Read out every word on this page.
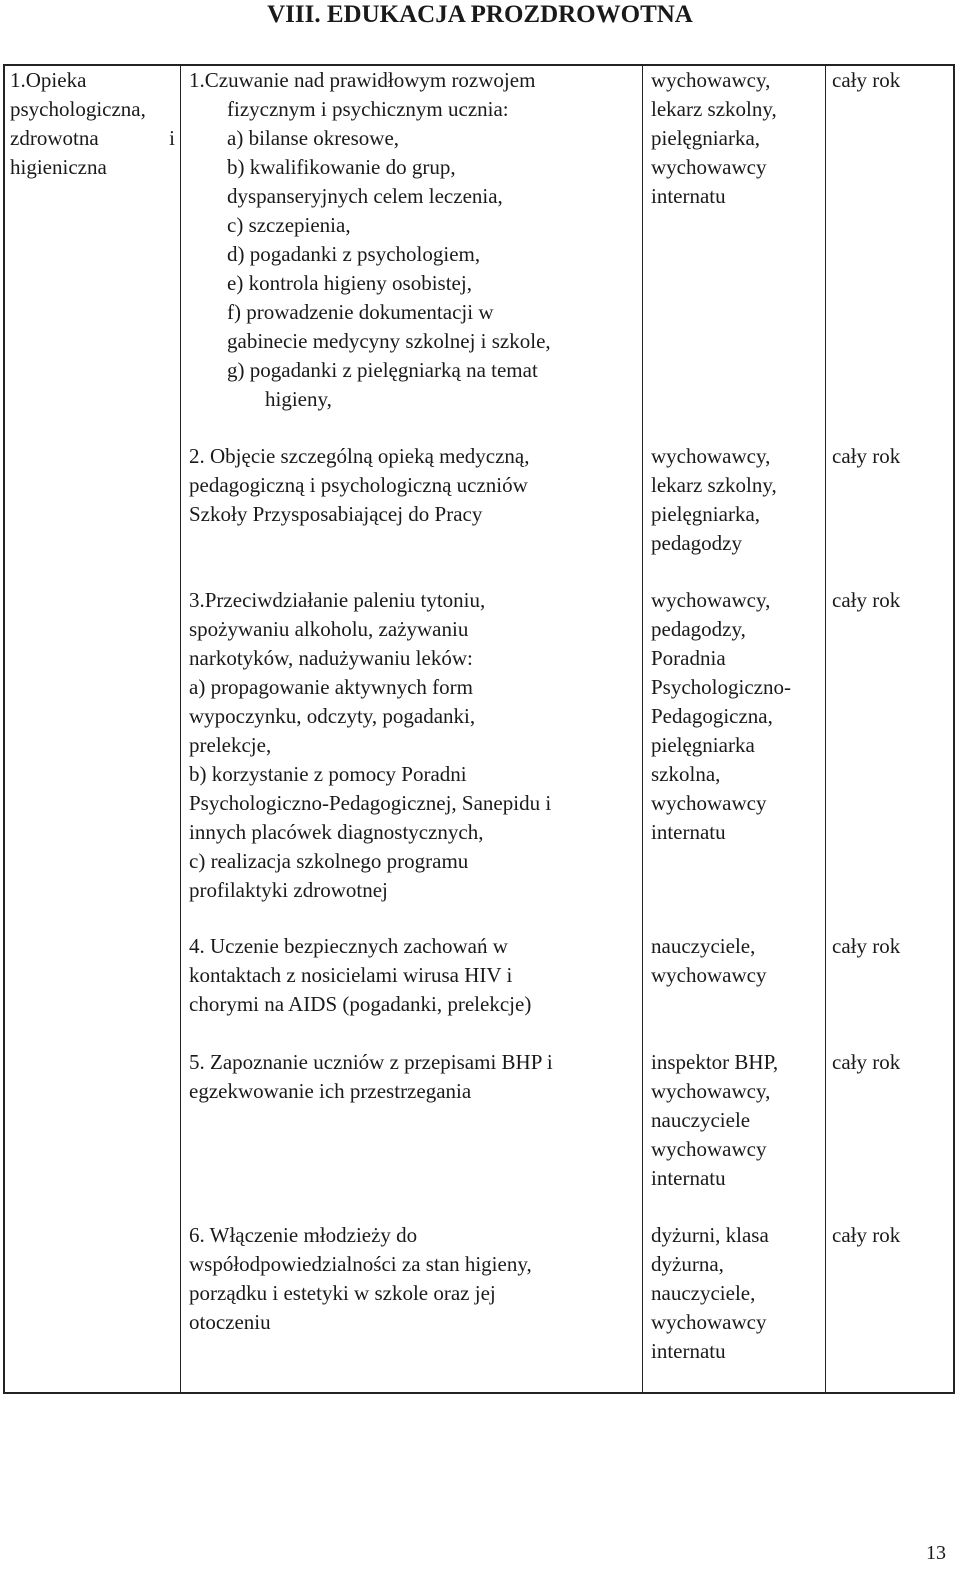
VIII. EDUKACJA PROZDROWOTNA
1.Opieka
psychologiczna,
zdrowotna	i
higieniczna
1.Czuwanie nad prawidłowym rozwojem
fizycznym i psychicznym ucznia:
a) bilanse okresowe,
b) kwalifikowanie do grup,
dyspanseryjnych celem leczenia,
c) szczepienia,
d) pogadanki z psychologiem,
e) kontrola higieny osobistej,
f) prowadzenie dokumentacji w
gabinecie medycyny szkolnej i szkole,
g) pogadanki z pielęgniarką na temat
higieny,
wychowawcy,
lekarz szkolny,
pielęgniarka,
wychowawcy
internatu
cały rok
2. Objęcie szczególną opieką medyczną,
pedagogiczną i psychologiczną uczniów
Szkoły Przysposabiającej do Pracy
wychowawcy,
lekarz szkolny,
pielęgniarka,
pedagodzy
cały rok
3.Przeciwdziałanie paleniu tytoniu,
spożywaniu alkoholu, zażywaniu
narkotyków, nadużywaniu leków:
a) propagowanie aktywnych form
wypoczynku, odczyty, pogadanki,
prelekcje,
b) korzystanie z pomocy Poradni
Psychologiczno-Pedagogicznej, Sanepidu i
innych placówek diagnostycznych,
c) realizacja szkolnego programu
profilaktyki zdrowotnej
wychowawcy,
pedagodzy,
Poradnia
Psychologiczno-
Pedagogiczna,
pielęgniarka
szkolna,
wychowawcy
internatu
cały rok
4. Uczenie bezpiecznych zachowań w
kontaktach z nosicielami wirusa HIV i
chorymi na AIDS (pogadanki, prelekcje)
nauczyciele,
wychowawcy
cały rok
5. Zapoznanie uczniów z przepisami BHP i
egzekwowanie ich przestrzegania
inspektor BHP,
wychowawcy,
nauczyciele
wychowawcy
internatu
cały rok
6. Włączenie młodzieży do
współodpowiedzialności za stan higieny,
porządku i estetyki w szkole oraz jej
otoczeniu
dyżurni, klasa
dyżurna,
nauczyciele,
wychowawcy
internatu
cały rok
13
